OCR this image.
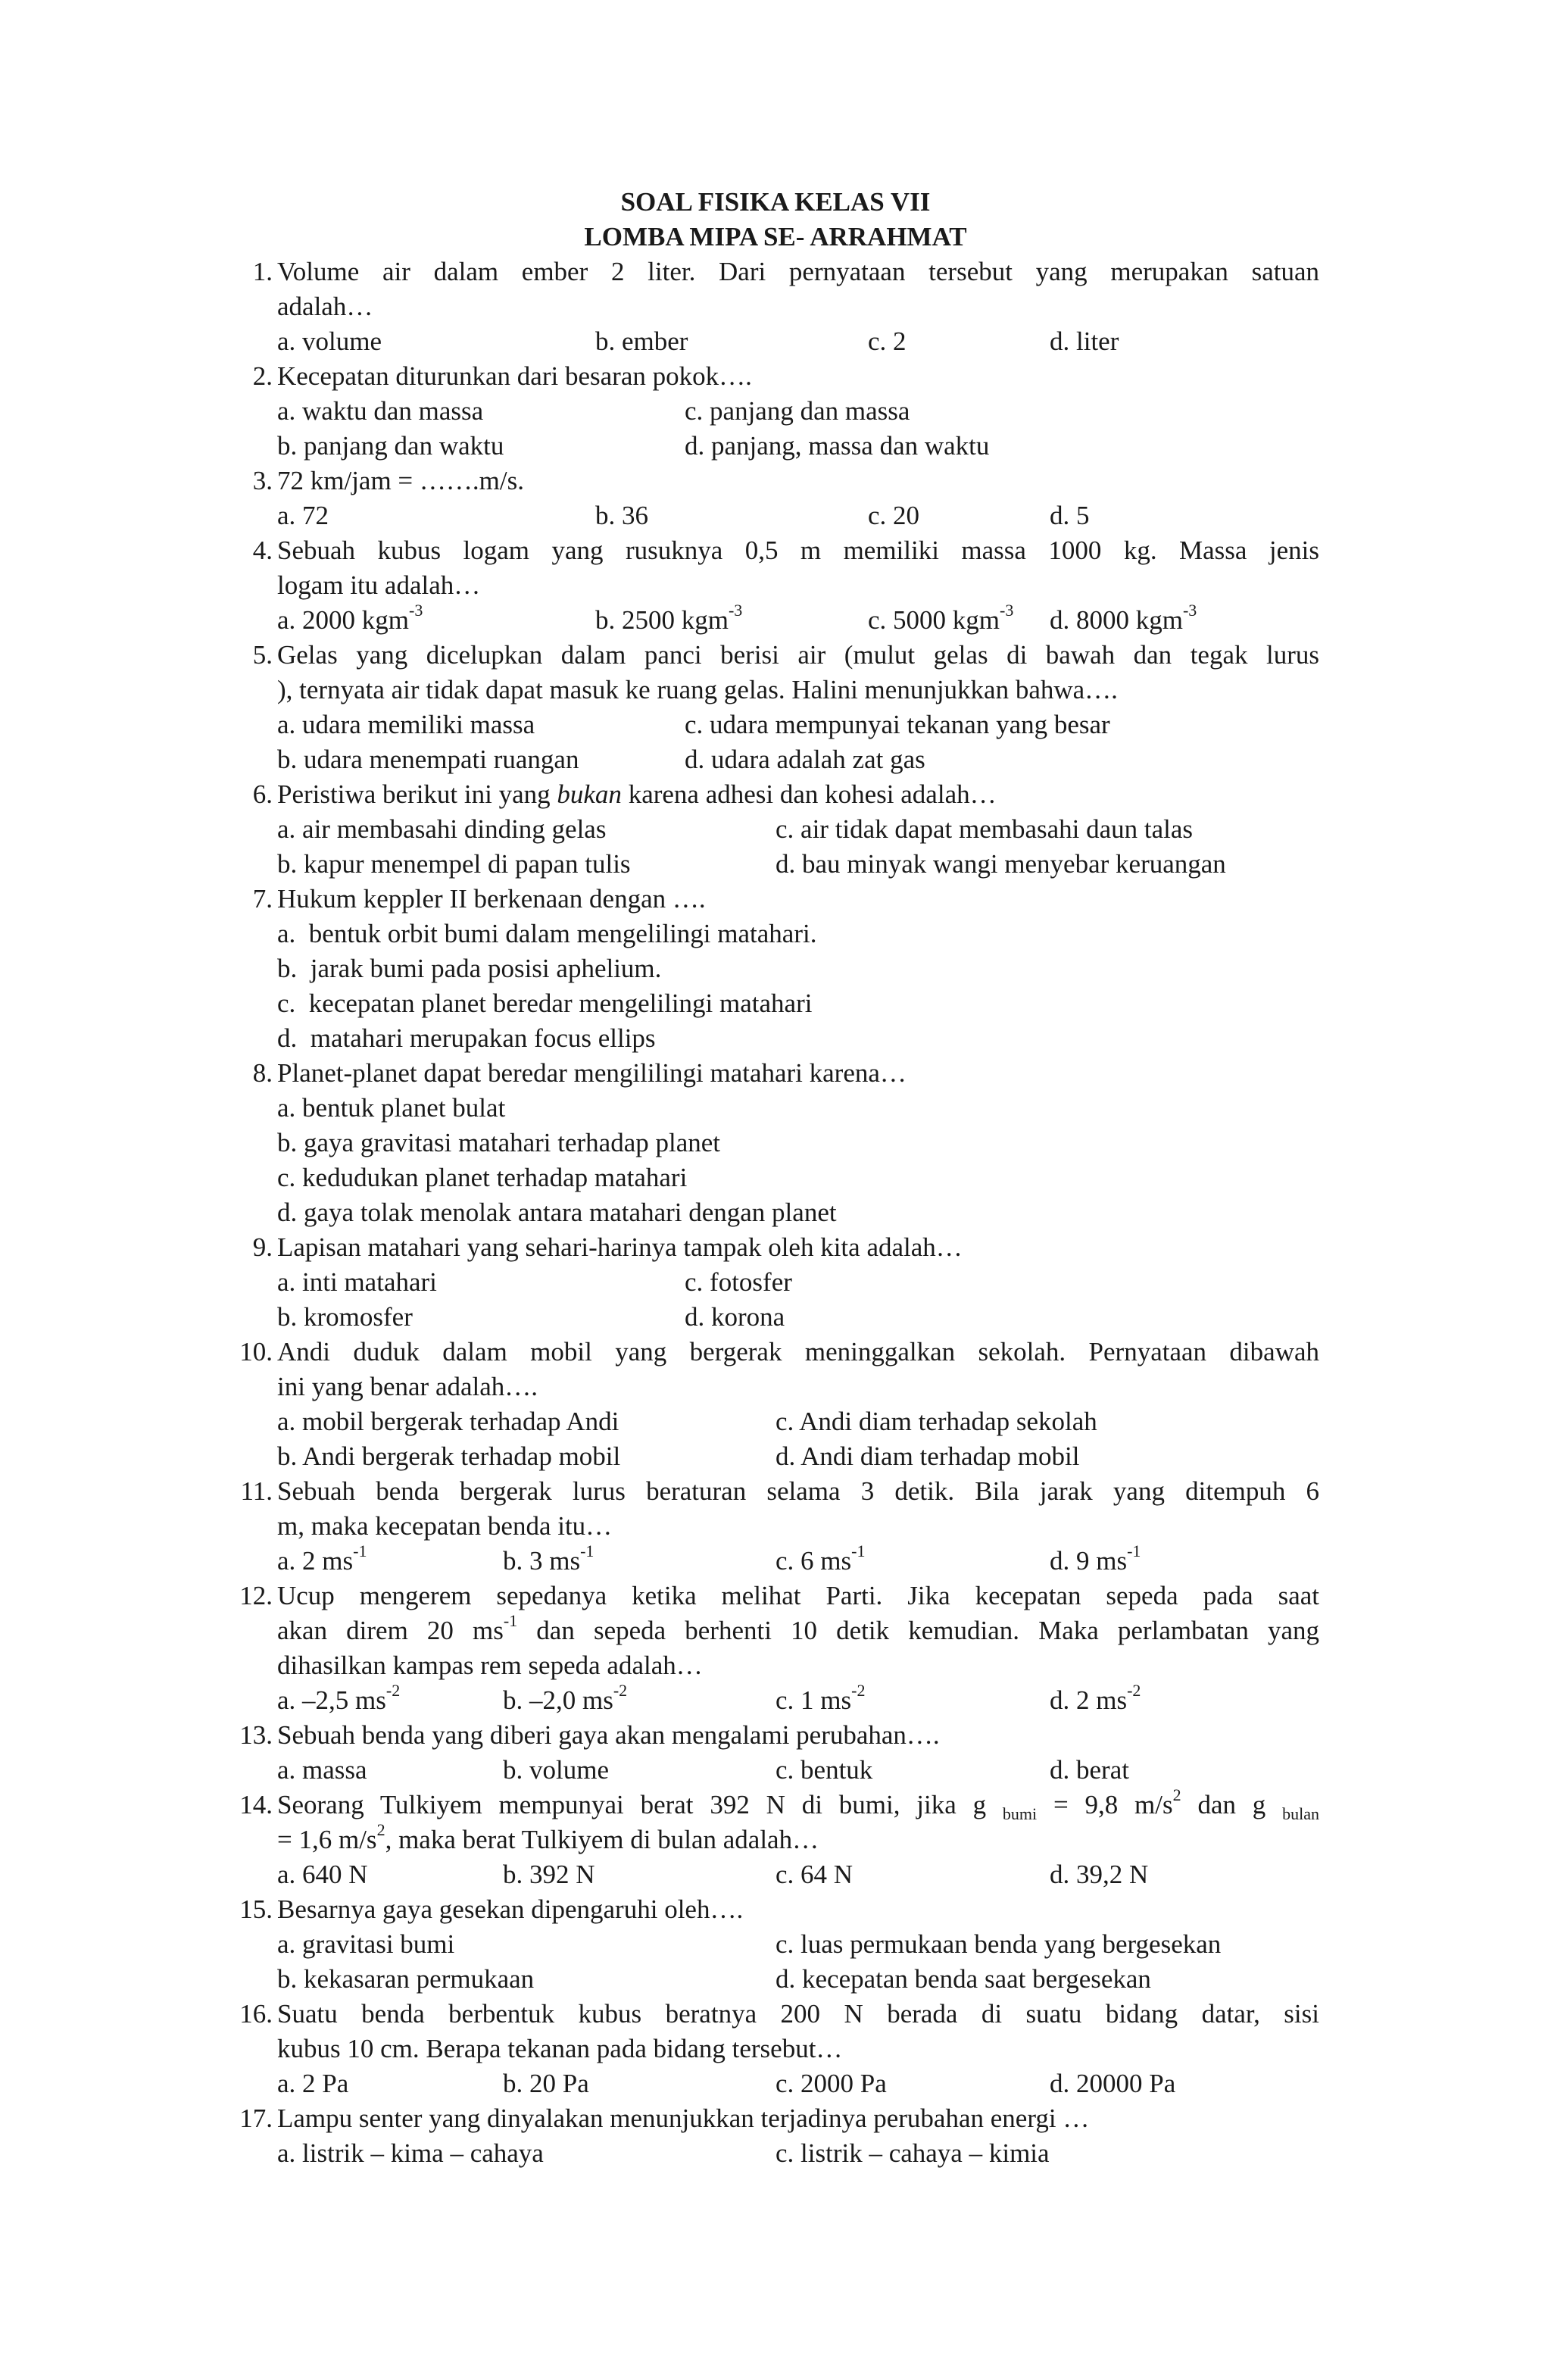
SOAL FISIKA KELAS VII
LOMBA MIPA SE- ARRAHMAT
1. Volume air dalam ember 2 liter. Dari pernyataan tersebut yang merupakan satuan
adalah…
a. volume	b. ember	c. 2	d. liter
2. Kecepatan diturunkan dari besaran pokok….
a. waktu dan massa	c. panjang dan massa
b. panjang dan waktu	d. panjang, massa dan waktu
3. 72 km/jam = …….m/s.
a. 72	b. 36	c. 20	d. 5
4. Sebuah kubus logam yang rusuknya 0,5 m memiliki massa 1000 kg. Massa jenis
logam itu adalah…
a. 2000 kgm$^{-3}$	b. 2500 kgm$^{-3}$	c. 5000 kgm$^{-3}$ d. 8000 kgm$^{-3}$
5. Gelas yang dicelupkan dalam panci berisi air (mulut gelas di bawah dan tegak lurus
), ternyata air tidak dapat masuk ke ruang gelas. Halini menunjukkan bahwa….
a. udara memiliki massa	c. udara mempunyai tekanan yang besar
b. udara menempati ruangan	d. udara adalah zat gas
6. Peristiwa berikut ini yang bukan karena adhesi dan kohesi adalah…
a. air membasahi dinding gelas	c. air tidak dapat membasahi daun talas
b. kapur menempel di papan tulis	d. bau minyak wangi menyebar keruangan
7. Hukum keppler II berkenaan dengan ….
a.  bentuk orbit bumi dalam mengelilingi matahari.
b.  jarak bumi pada posisi aphelium.
c.  kecepatan planet beredar mengelilingi matahari
d.  matahari merupakan focus ellips
8. Planet-planet dapat beredar mengililingi matahari karena…
a. bentuk planet bulat
b. gaya gravitasi matahari terhadap planet
c. kedudukan planet terhadap matahari
d. gaya tolak menolak antara matahari dengan planet
9. Lapisan matahari yang sehari-harinya tampak oleh kita adalah…
a. inti matahari	c. fotosfer
b. kromosfer	d. korona
10. Andi duduk dalam mobil yang bergerak meninggalkan sekolah. Pernyataan dibawah
ini yang benar adalah….
a. mobil bergerak terhadap Andi	c. Andi diam terhadap sekolah
b. Andi bergerak terhadap mobil	d. Andi diam terhadap mobil
11. Sebuah benda bergerak lurus beraturan selama 3 detik. Bila jarak yang ditempuh 6
m, maka kecepatan benda itu…
a. 2 $ms^{-1}$	b. 3 $ms^{-1}$	c. 6 $ms^{-1}$	d. 9 $ms^{-1}$
12. Ucup mengerem sepedanya ketika melihat Parti. Jika kecepatan sepeda pada saat
akan direm 20 $ms^{-1}$ dan sepeda berhenti 10 detik kemudian. Maka perlambatan yang
dihasilkan kampas rem sepeda adalah…
a. –2,5 $ms^{-2}$	b. –2,0 $ms^{-2}$	c. 1 $ms^{-2}$	d. 2 $ms^{-2}$
13. Sebuah benda yang diberi gaya akan mengalami perubahan….
a. massa	b. volume	c. bentuk	d. berat
14. Seorang Tulkiyem mempunyai berat 392 N di bumi, jika g $_{bumi}$ = 9,8 $m/s^2$ dan g $_{bulan}$
= 1,6 $m/s^2$, maka berat Tulkiyem di bulan adalah…
a. 640 N	b. 392 N	c. 64 N	d. 39,2 N
15. Besarnya gaya gesekan dipengaruhi oleh….
a. gravitasi bumi	c. luas permukaan benda yang bergesekan
b. kekasaran permukaan	d. kecepatan benda saat bergesekan
16. Suatu benda berbentuk kubus beratnya 200 N berada di suatu bidang datar, sisi
kubus 10 cm. Berapa tekanan pada bidang tersebut…
a. 2 Pa	b. 20 Pa	c. 2000 Pa	d. 20000 Pa
17. Lampu senter yang dinyalakan menunjukkan terjadinya perubahan energi …
a. listrik – kima – cahaya	c. listrik – cahaya – kimia
